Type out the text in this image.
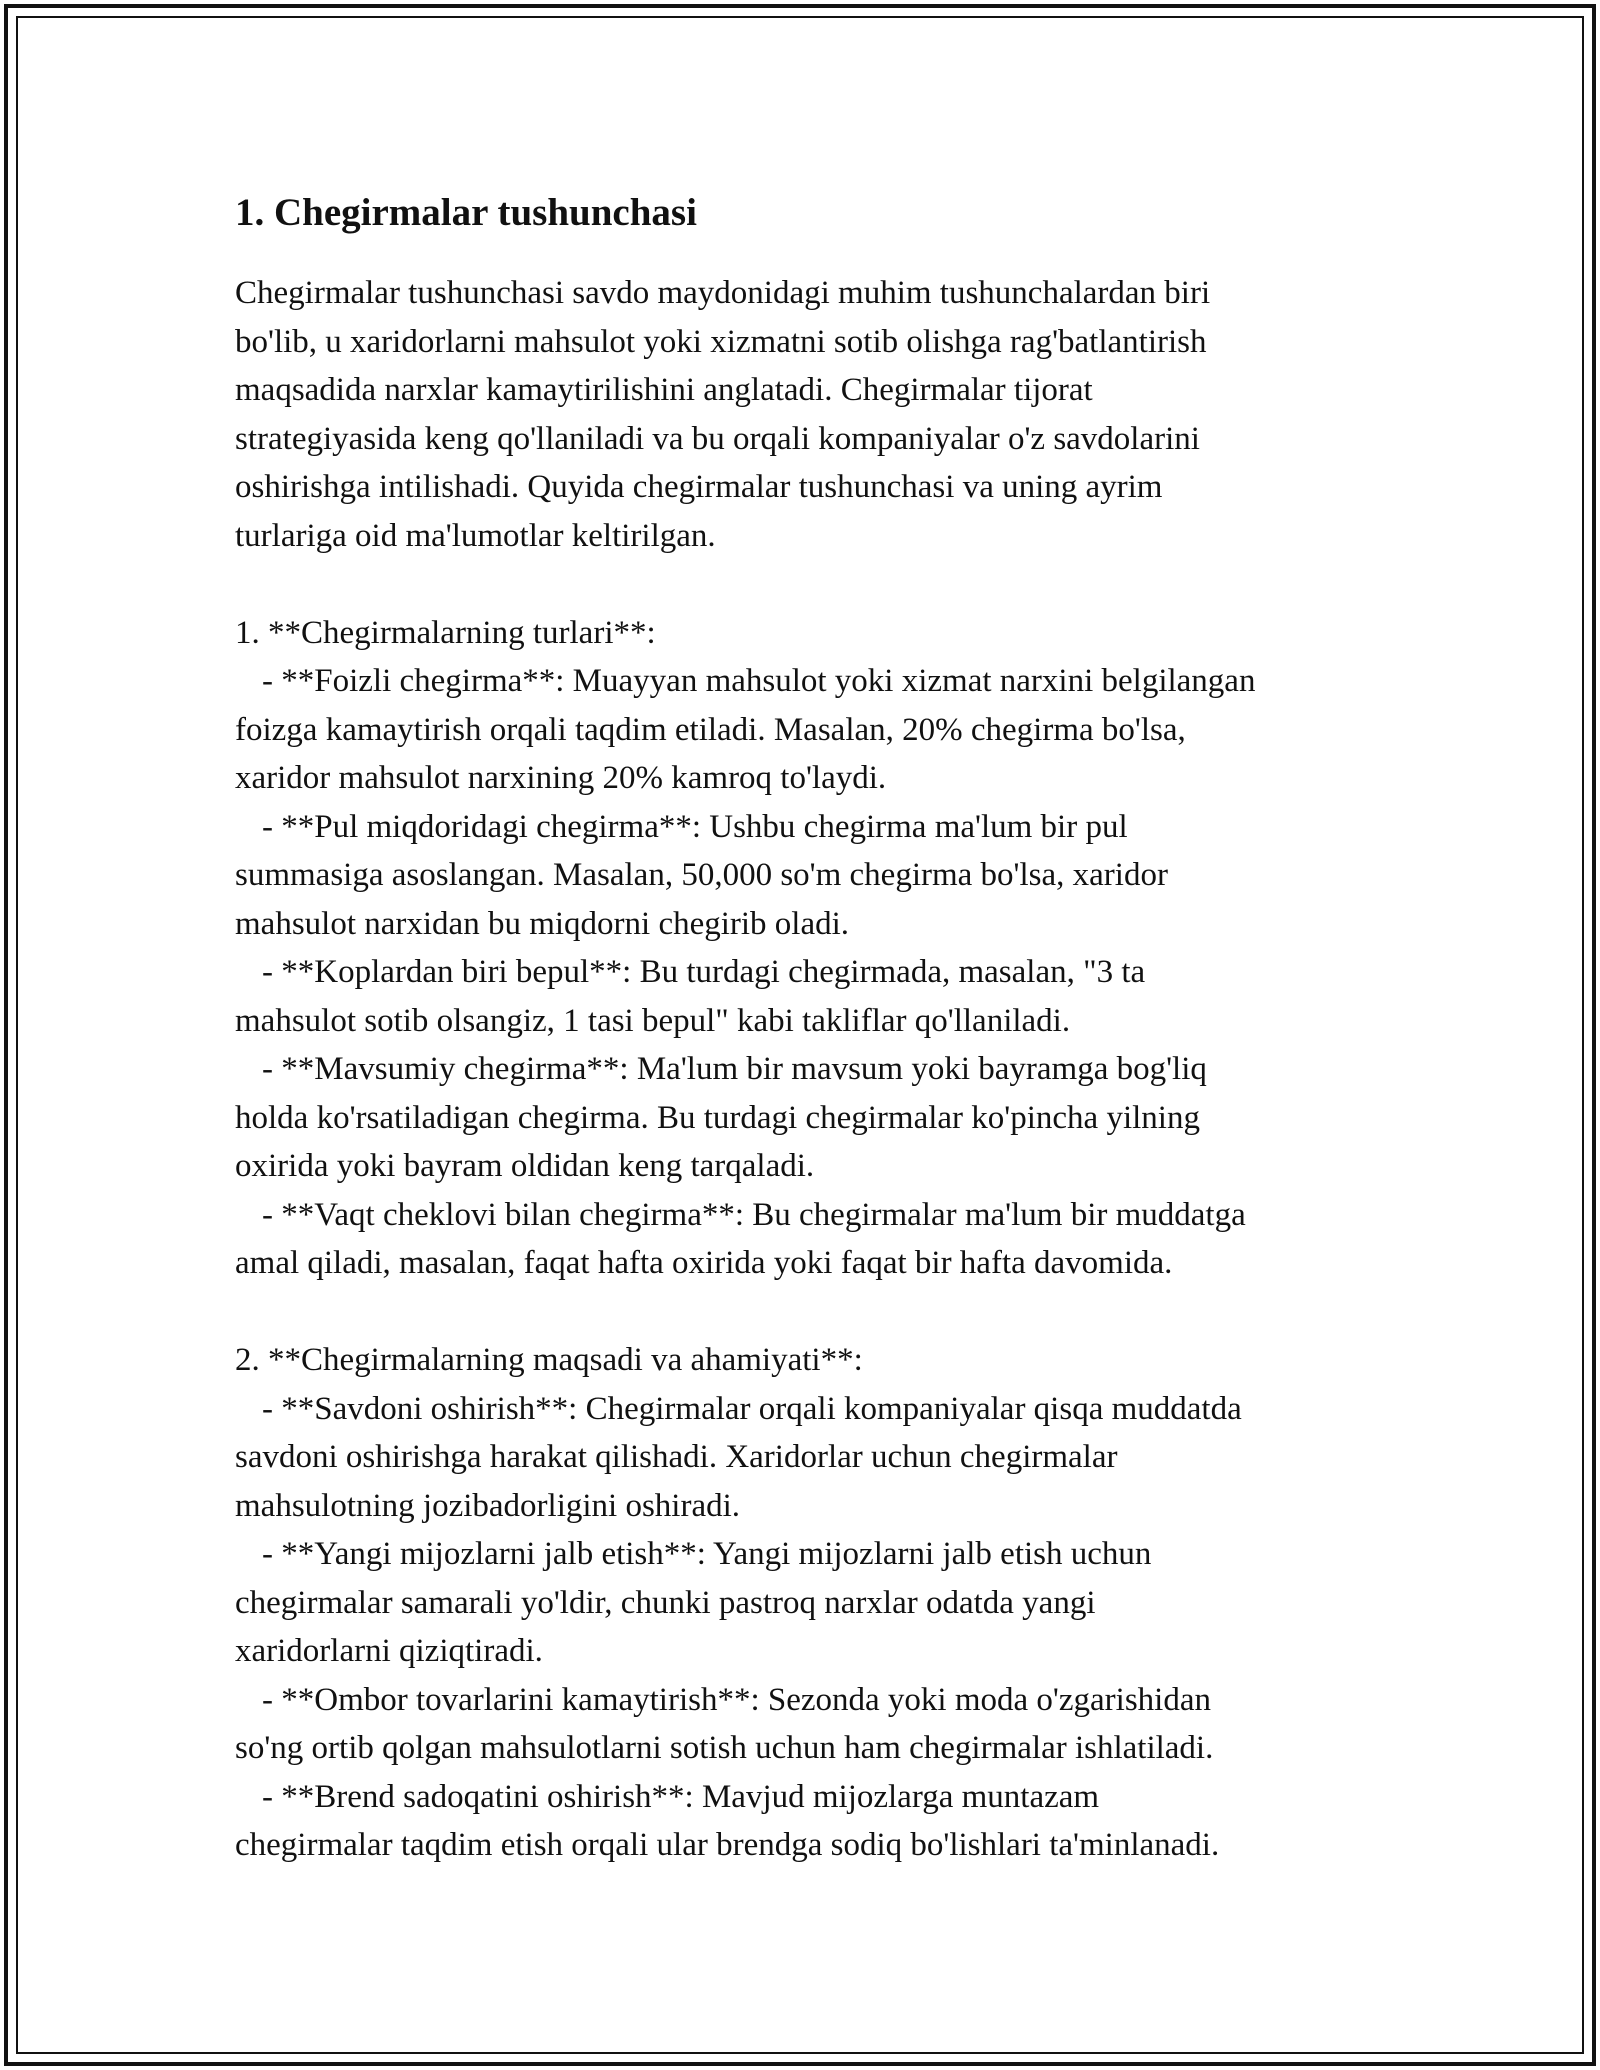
1. Chegirmalar tushunchasi
Chegirmalar tushunchasi savdo maydonidagi muhim tushunchalardan biri
bo'lib, u xaridorlarni mahsulot yoki xizmatni sotib olishga rag'batlantirish
maqsadida narxlar kamaytirilishini anglatadi. Chegirmalar tijorat
strategiyasida keng qo'llaniladi va bu orqali kompaniyalar o'z savdolarini
oshirishga intilishadi. Quyida chegirmalar tushunchasi va uning ayrim
turlariga oid ma'lumotlar keltirilgan.
1. **Chegirmalarning turlari**:
- **Foizli chegirma**: Muayyan mahsulot yoki xizmat narxini belgilangan
foizga kamaytirish orqali taqdim etiladi. Masalan, 20% chegirma bo'lsa,
xaridor mahsulot narxining 20% kamroq to'laydi.
- **Pul miqdoridagi chegirma**: Ushbu chegirma ma'lum bir pul
summasiga asoslangan. Masalan, 50,000 so'm chegirma bo'lsa, xaridor
mahsulot narxidan bu miqdorni chegirib oladi.
- **Koplardan biri bepul**: Bu turdagi chegirmada, masalan, "3 ta
mahsulot sotib olsangiz, 1 tasi bepul" kabi takliflar qo'llaniladi.
- **Mavsumiy chegirma**: Ma'lum bir mavsum yoki bayramga bog'liq
holda ko'rsatiladigan chegirma. Bu turdagi chegirmalar ko'pincha yilning
oxirida yoki bayram oldidan keng tarqaladi.
- **Vaqt cheklovi bilan chegirma**: Bu chegirmalar ma'lum bir muddatga
amal qiladi, masalan, faqat hafta oxirida yoki faqat bir hafta davomida.
2. **Chegirmalarning maqsadi va ahamiyati**:
- **Savdoni oshirish**: Chegirmalar orqali kompaniyalar qisqa muddatda
savdoni oshirishga harakat qilishadi. Xaridorlar uchun chegirmalar
mahsulotning jozibadorligini oshiradi.
- **Yangi mijozlarni jalb etish**: Yangi mijozlarni jalb etish uchun
chegirmalar samarali yo'ldir, chunki pastroq narxlar odatda yangi
xaridorlarni qiziqtiradi.
- **Ombor tovarlarini kamaytirish**: Sezonda yoki moda o'zgarishidan
so'ng ortib qolgan mahsulotlarni sotish uchun ham chegirmalar ishlatiladi.
- **Brend sadoqatini oshirish**: Mavjud mijozlarga muntazam
chegirmalar taqdim etish orqali ular brendga sodiq bo'lishlari ta'minlanadi.
